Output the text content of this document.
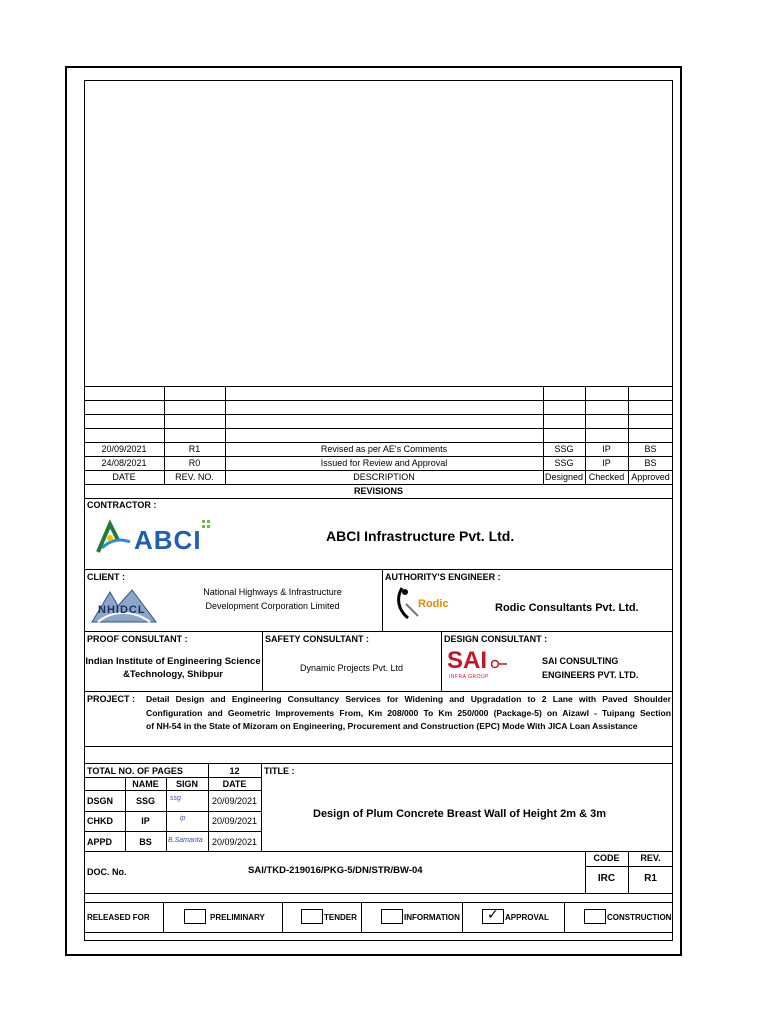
20/09/2021	R1	Revised as per AE's Comments	SSG	IP	BS
24/08/2021	R0	Issued for Review and Approval	SSG	IP	BS
DATE	REV. NO.	DESCRIPTION	Designed Checked Approved
REVISIONS
CONTRACTOR :
ABCI	ABCI Infrastructure Pvt. Ltd.
CLIENT :
NHIDCL
National Highways & Infrastructure
Development Corporation Limited
AUTHORITY'S ENGINEER :
Rodic	Rodic Consultants Pvt. Ltd.
PROOF CONSULTANT :
Indian Institute of Engineering Science
&Technology, Shibpur
SAFETY CONSULTANT :
Dynamic Projects Pvt. Ltd
DESIGN CONSULTANT :
SAI
INFRA GROUP
SAI CONSULTING
ENGINEERS PVT. LTD.
PROJECT : Detail Design and Engineering Consultancy Services for Widening and Upgradation to 2 Lane with Paved Shoulder
Configuration and Geometric Improvements From, Km 208/000 To Km 250/000 (Package-5) on Aizawl - Tuipang Section
of NH-54 in the State of Mizoram on Engineering, Procurement and Construction (EPC) Mode With JICA Loan Assistance
TOTAL NO. OF PAGES	12
NAME	SIGN	DATE
DSGN	SSG	ssg	20/09/2021
CHKD	IP	ip	20/09/2021
APPD	BS	B.Samanta	20/09/2021
TITLE :
Design of Plum Concrete Breast Wall of Height 2m & 3m
DOC. No.	SAI/TKD-219016/PKG-5/DN/STR/BW-04
CODE	REV.
IRC	R1
RELEASED FOR	PRELIMINARY	TENDER	INFORMATION ✓ APPROVAL	CONSTRUCTION
